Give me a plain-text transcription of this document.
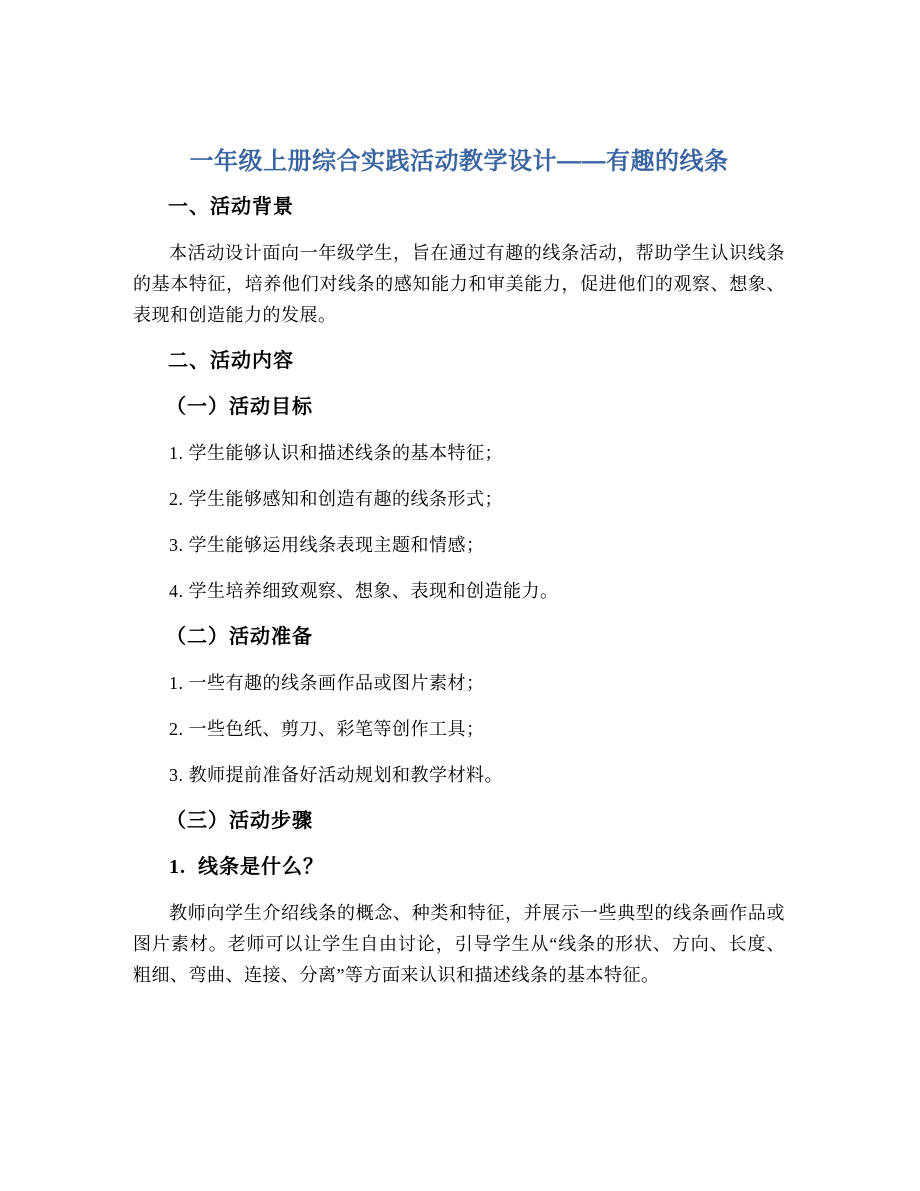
一年级上册综合实践活动教学设计——有趣的线条

一、活动背景

本活动设计面向一年级学生，旨在通过有趣的线条活动，帮助学生认识线条的基本特征，培养他们对线条的感知能力和审美能力，促进他们的观察、想象、表现和创造能力的发展。

二、活动内容

（一）活动目标

1. 学生能够认识和描述线条的基本特征；

2. 学生能够感知和创造有趣的线条形式；

3. 学生能够运用线条表现主题和情感；

4. 学生培养细致观察、想象、表现和创造能力。

（二）活动准备

1. 一些有趣的线条画作品或图片素材；

2. 一些色纸、剪刀、彩笔等创作工具；

3. 教师提前准备好活动规划和教学材料。

（三）活动步骤

1.  线条是什么？

教师向学生介绍线条的概念、种类和特征，并展示一些典型的线条画作品或图片素材。老师可以让学生自由讨论，引导学生从“线条的形状、方向、长度、粗细、弯曲、连接、分离”等方面来认识和描述线条的基本特征。
